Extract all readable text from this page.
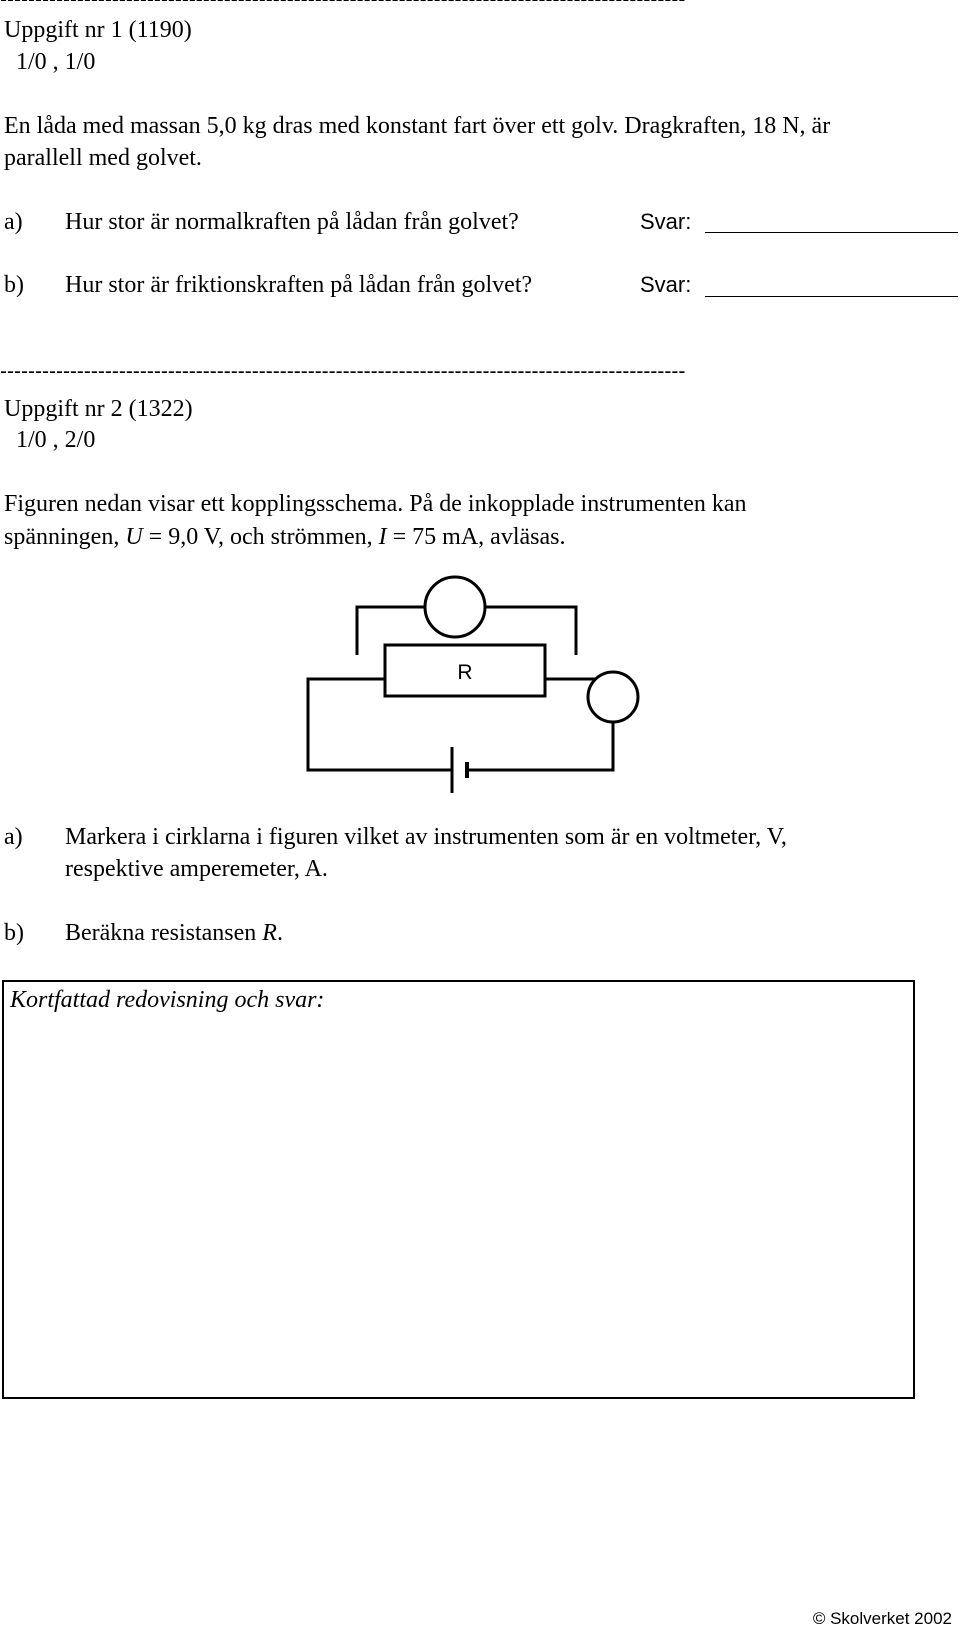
Uppgift nr 1 (1190)
1/0 , 1/0
En låda med massan 5,0 kg dras med konstant fart över ett golv. Dragkraften, 18 N, är
parallell med golvet.
a) Hur stor är normalkraften på lådan från golvet?	Svar:
b) Hur stor är friktionskraften på lådan från golvet?	Svar:
--------------------------------------------------------------------------------------------------
Uppgift nr 2 (1322)
1/0 , 2/0
Figuren nedan visar ett kopplingsschema. På de inkopplade instrumenten kan
spänningen, U = 9,0 V, och strömmen, I = 75 mA, avläsas.
R
a) Markera i cirklarna i figuren vilket av instrumenten som är en voltmeter, V,
respektive amperemeter, A.
b) Beräkna resistansen R.
Kortfattad redovisning och svar:
© Skolverket 2002
